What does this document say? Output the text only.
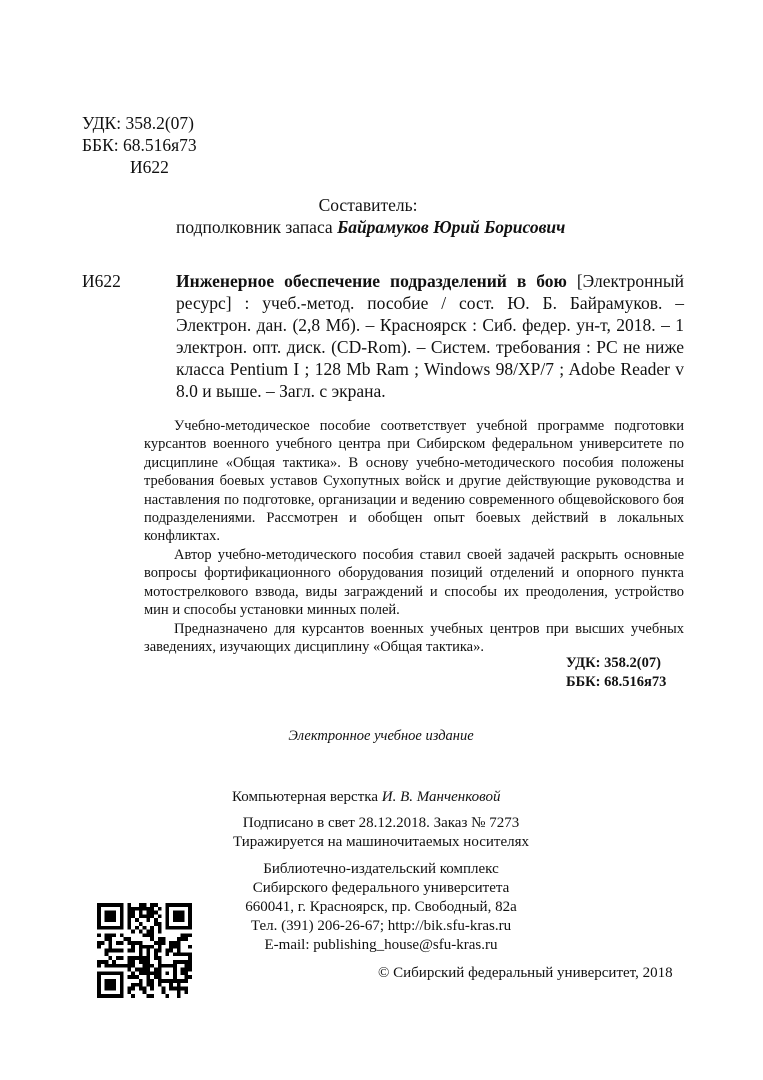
УДК: 358.2(07)
ББК: 68.516я73
И622
Составитель:
подполковник запаса Байрамуков Юрий Борисович
И622	Инженерное обеспечение подразделений в бою [Электронный ресурс] : учеб.-метод. пособие / сост. Ю. Б. Байрамуков. – Электрон. дан. (2,8 Мб). – Красноярск : Сиб. федер. ун-т, 2018. – 1 электрон. опт. диск. (CD-Rom). – Систем. требования : PC не ниже класса Pentium I ; 128 Mb Ram ; Windows 98/XP/7 ; Adobe Reader v 8.0 и выше. – Загл. с экрана.
Учебно-методическое пособие соответствует учебной программе подготовки курсантов военного учебного центра при Сибирском федеральном университете по дисциплине «Общая тактика». В основу учебно-методического пособия положены требования боевых уставов Сухопутных войск и другие действующие руководства и наставления по подготовке, организации и ведению современного общевойскового боя подразделениями. Рассмотрен и обобщен опыт боевых действий в локальных конфликтах.
Автор учебно-методического пособия ставил своей задачей раскрыть основные вопросы фортификационного оборудования позиций отделений и опорного пункта мотострелкового взвода, виды заграждений и способы их преодоления, устройство мин и способы установки минных полей.
Предназначено для курсантов военных учебных центров при высших учебных заведениях, изучающих дисциплину «Общая тактика».
УДК: 358.2(07)
ББК: 68.516я73
Электронное учебное издание
Компьютерная верстка И. В. Манченковой
Подписано в свет 28.12.2018. Заказ № 7273
Тиражируется на машиночитаемых носителях
Библиотечно-издательский комплекс
Сибирского федерального университета
660041, г. Красноярск, пр. Свободный, 82а
Тел. (391) 206-26-67; http://bik.sfu-kras.ru
E-mail: publishing_house@sfu-kras.ru
© Сибирский федеральный университет, 2018
